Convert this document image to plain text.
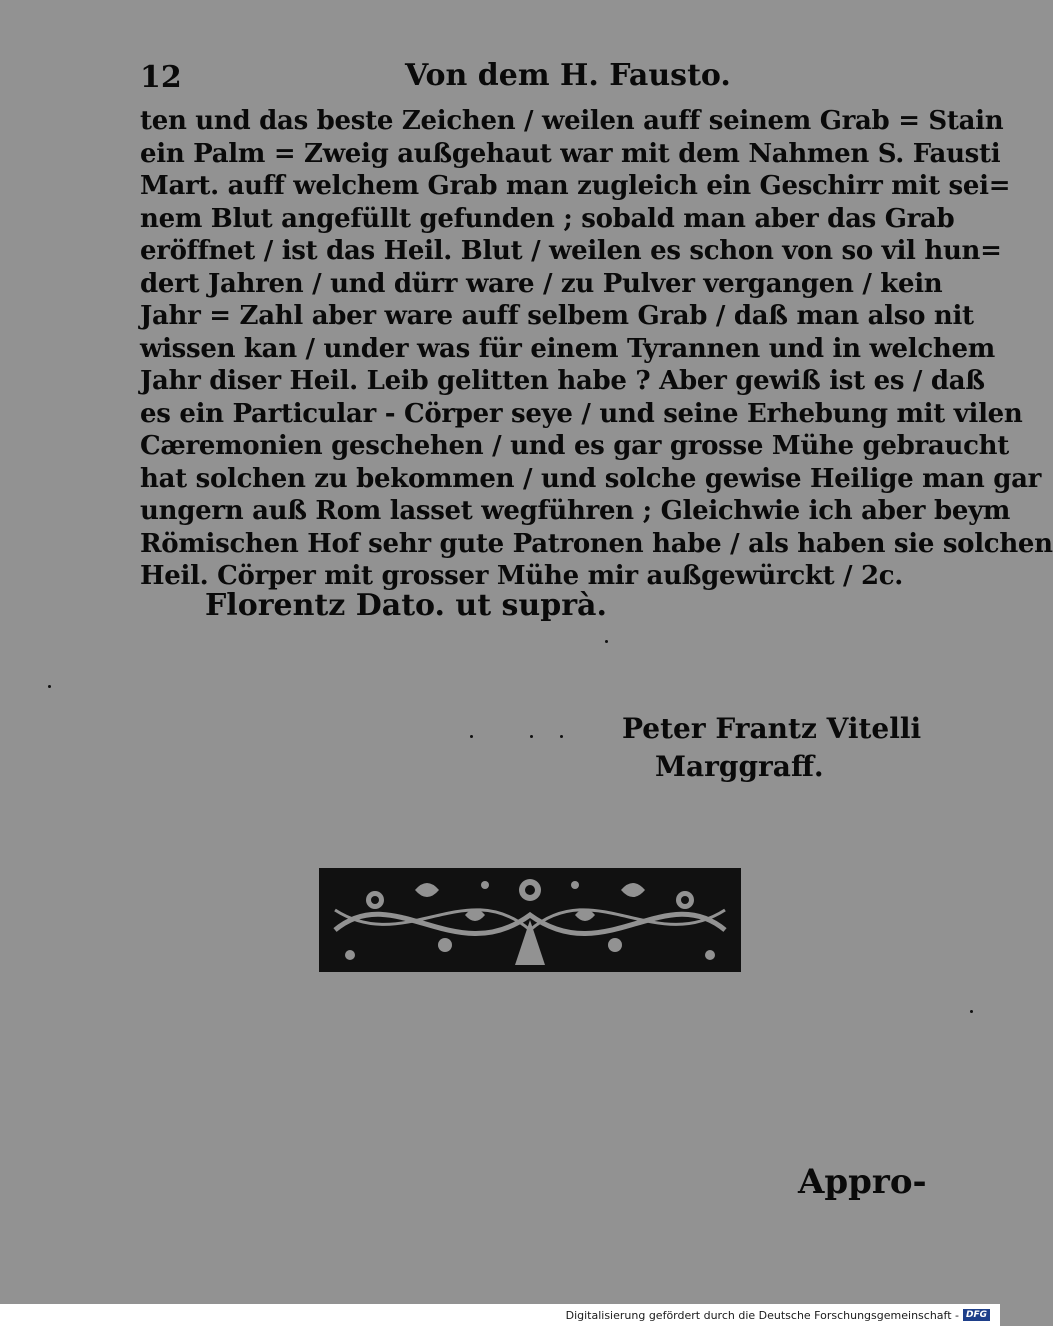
12	Von dem H. Fausto.
ten und das beste Zeichen / weilen auff seinem Grab = Stain
ein Palm = Zweig außgehaut war mit dem Nahmen S. Fausti
Mart. auff welchem Grab man zugleich ein Geschirr mit sei=
nem Blut angefüllt gefunden ; sobald man aber das Grab
eröffnet / ist das Heil. Blut / weilen es schon von so vil hun=
dert Jahren / und dürr ware / zu Pulver vergangen / kein
Jahr = Zahl aber ware auff selbem Grab / daß man also nit
wissen kan / under was für einem Tyrannen und in welchem
Jahr diser Heil. Leib gelitten habe ? Aber gewiß ist es / daß
es ein Particular - Cörper seye / und seine Erhebung mit vilen
Cæremonien geschehen / und es gar grosse Mühe gebraucht
hat solchen zu bekommen / und solche gewise Heilige man gar
ungern auß Rom lasset wegführen ; Gleichwie ich aber beym
Römischen Hof sehr gute Patronen habe / als haben sie solchen
Heil. Cörper mit grosser Mühe mir außgewürckt / 2c.
Florentz Dato. ut suprà.
Peter Frantz Vitelli
Marggraff.
Appro-
Digitalisierung gefördert durch die Deutsche Forschungsgemeinschaft - DFG
